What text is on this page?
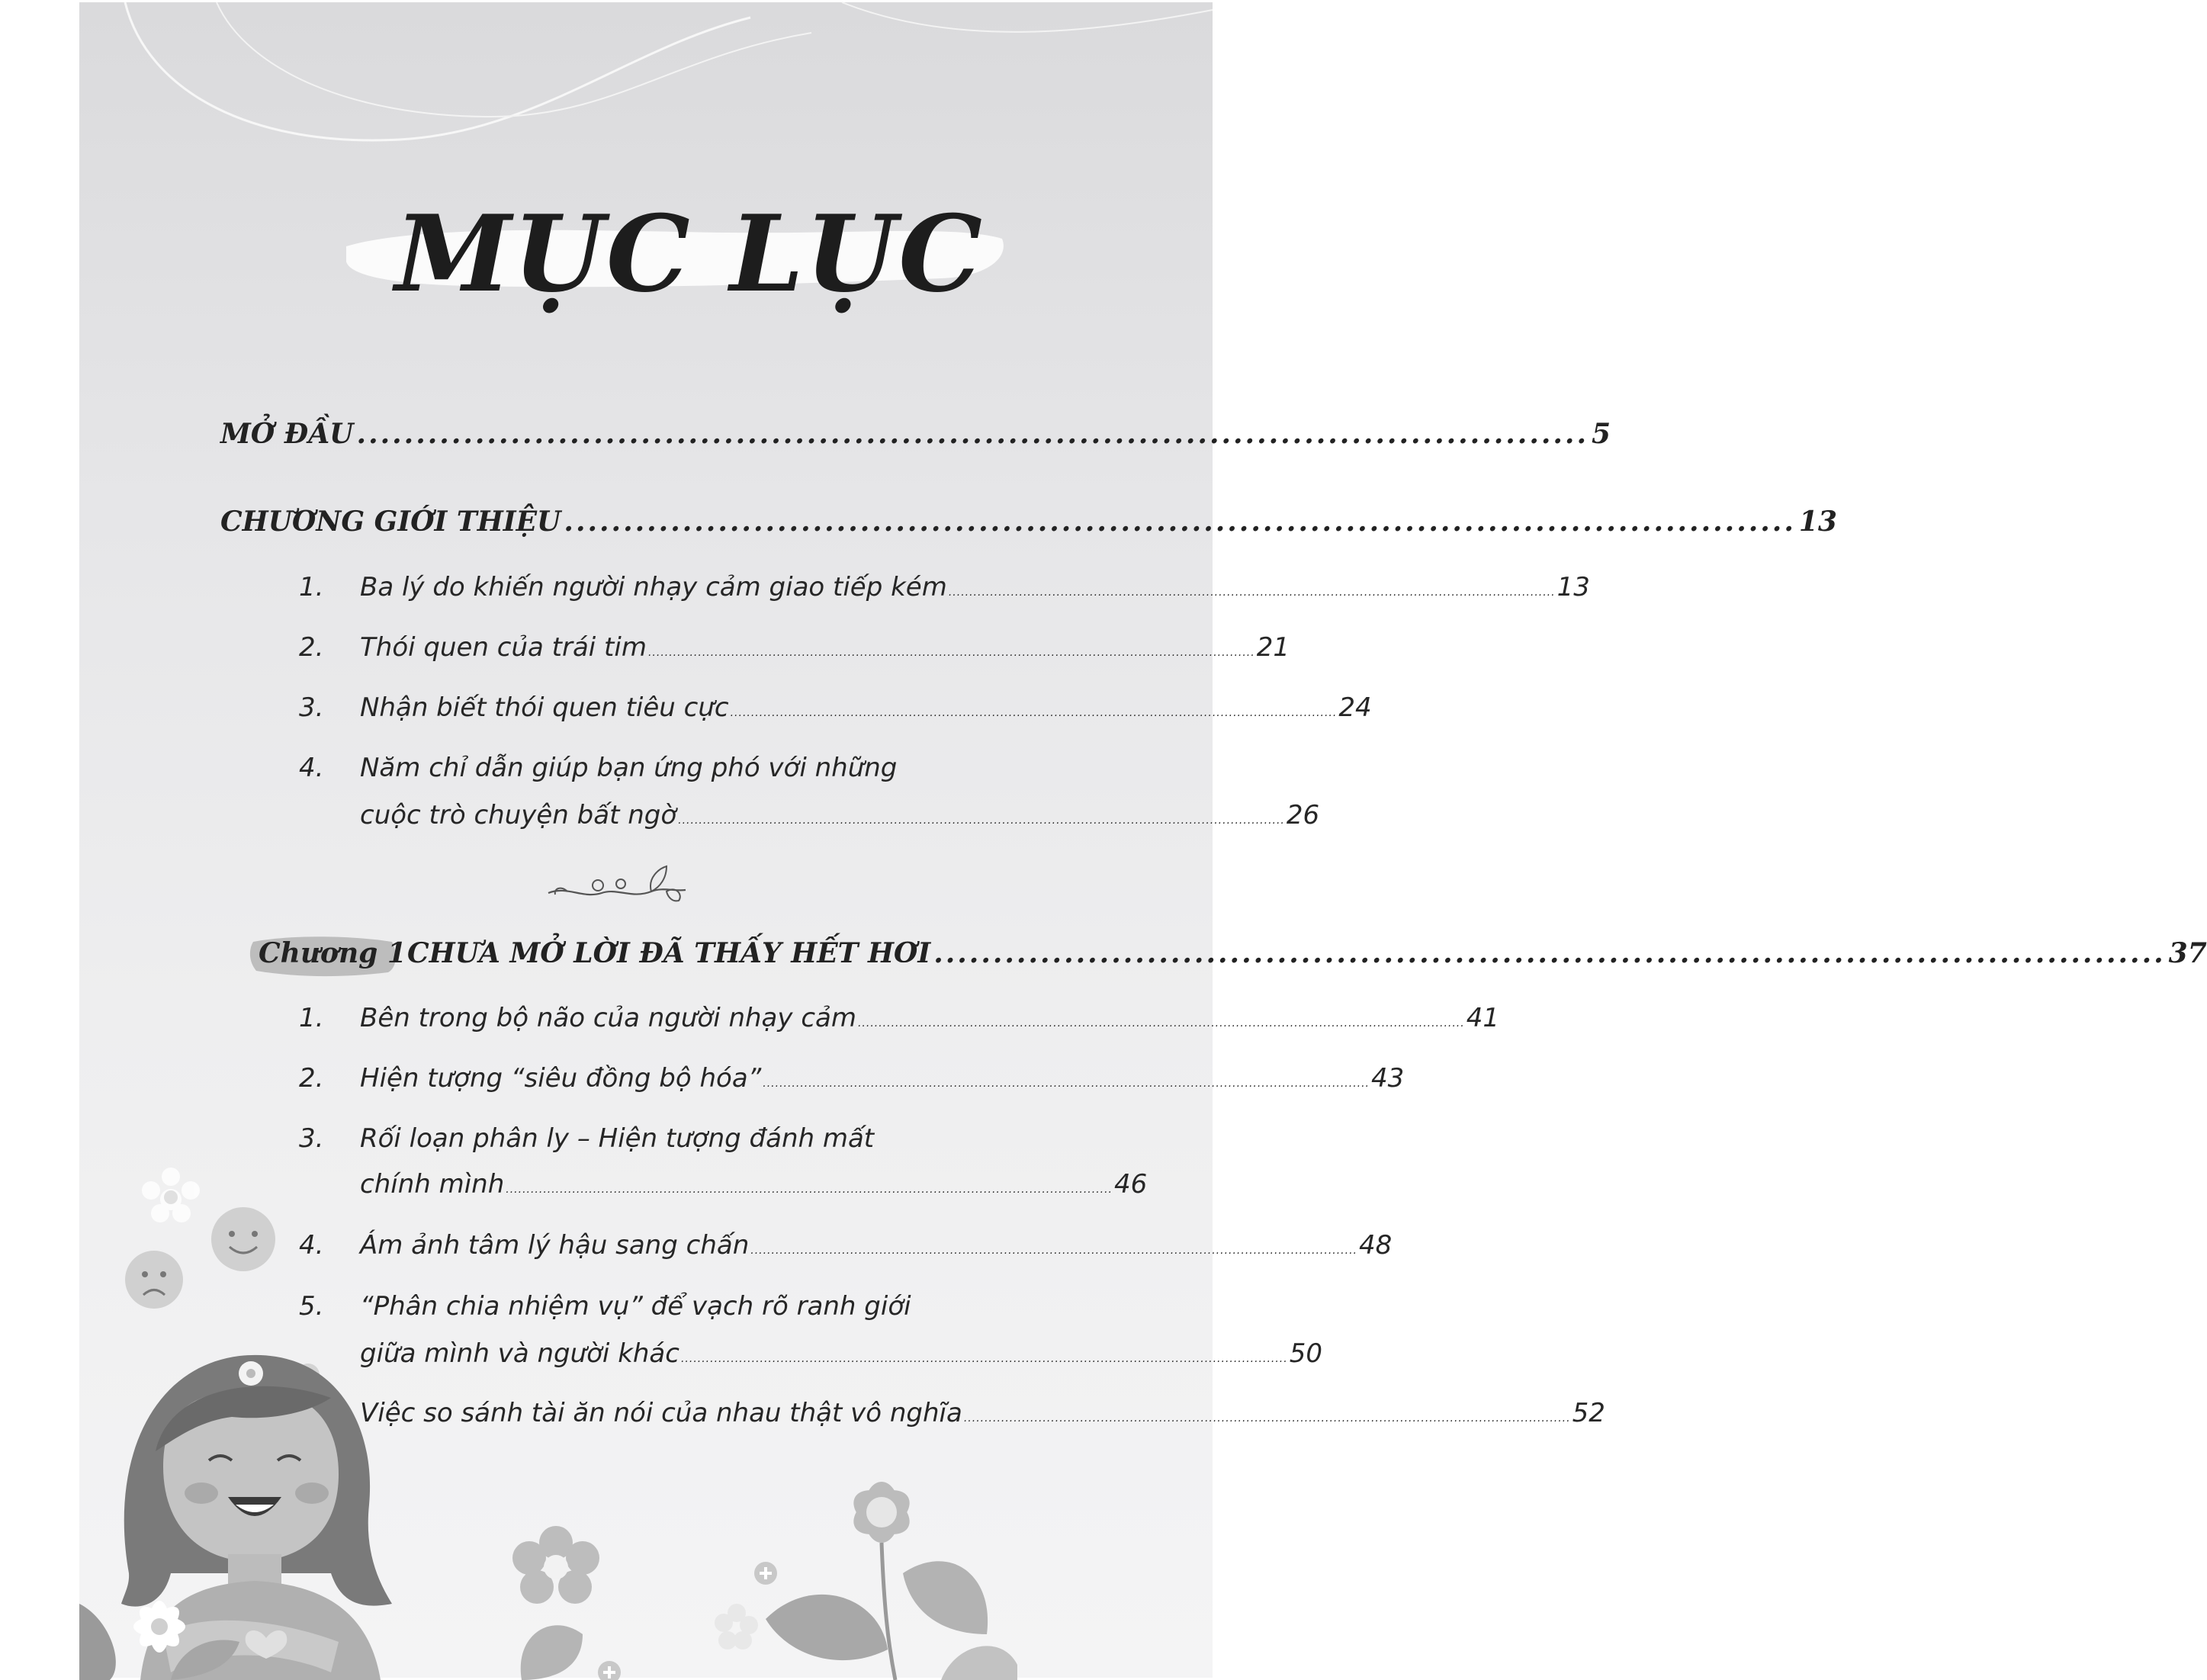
MỤC LỤC
MỞ ĐẦU ........................................................................................................ 5
CHƯƠNG GIỚI THIỆU ........................................................................................................ 13
1. Ba lý do khiến người nhạy cảm giao tiếp kém .................................................................................................................................................. 13
2. Thói quen của trái tim .................................................................................................................................................. 21
3. Nhận biết thói quen tiêu cực .................................................................................................................................................. 24
4. Năm chỉ dẫn giúp bạn ứng phó với những
cuộc trò chuyện bất ngờ .................................................................................................................................................. 26
Chương 1 CHƯA MỞ LỜI ĐÃ THẤY HẾT HƠI ........................................................................................................ 37
1. Bên trong bộ não của người nhạy cảm .................................................................................................................................................. 41
2. Hiện tượng “siêu đồng bộ hóa” .................................................................................................................................................. 43
3. Rối loạn phân ly – Hiện tượng đánh mất
chính mình .................................................................................................................................................. 46
4. Ám ảnh tâm lý hậu sang chấn .................................................................................................................................................. 48
5. “Phân chia nhiệm vụ” để vạch rõ ranh giới
giữa mình và người khác .................................................................................................................................................. 50
Việc so sánh tài ăn nói của nhau thật vô nghĩa .................................................................................................................................................. 52
